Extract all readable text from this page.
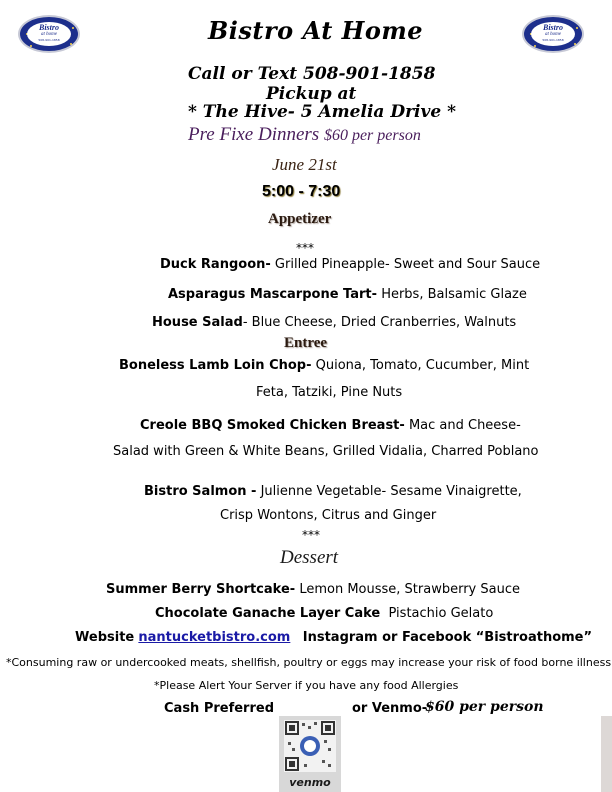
Bistro
at home
508-901-1858
Bistro
at home
508-901-1858
Bistro At Home
Call or Text 508-901-1858
Pickup at
* The Hive- 5 Amelia Drive *
Pre Fixe Dinners $60 per person
June 21st
5:00 - 7:30
Appetizer
***
Duck Rangoon- Grilled Pineapple- Sweet and Sour Sauce
Asparagus Mascarpone Tart- Herbs, Balsamic Glaze
House Salad- Blue Cheese, Dried Cranberries, Walnuts
Entree
Boneless Lamb Loin Chop- Quiona, Tomato, Cucumber, Mint
Feta, Tatziki, Pine Nuts
Creole BBQ Smoked Chicken Breast- Mac and Cheese-
Salad with Green & White Beans, Grilled Vidalia, Charred Poblano
Bistro Salmon - Julienne Vegetable- Sesame Vinaigrette,
Crisp Wontons, Citrus and Ginger
***
Dessert
Summer Berry Shortcake- Lemon Mousse, Strawberry Sauce
Chocolate Ganache Layer Cake Pistachio Gelato
Website nantucketbistro.com Instagram or Facebook “Bistroathome”
*Consuming raw or undercooked meats, shellfish, poultry or eggs may increase your risk of food borne illness
*Please Alert Your Server if you have any food Allergies
Cash Preferred	or Venmo-
$60 per person
venmo
